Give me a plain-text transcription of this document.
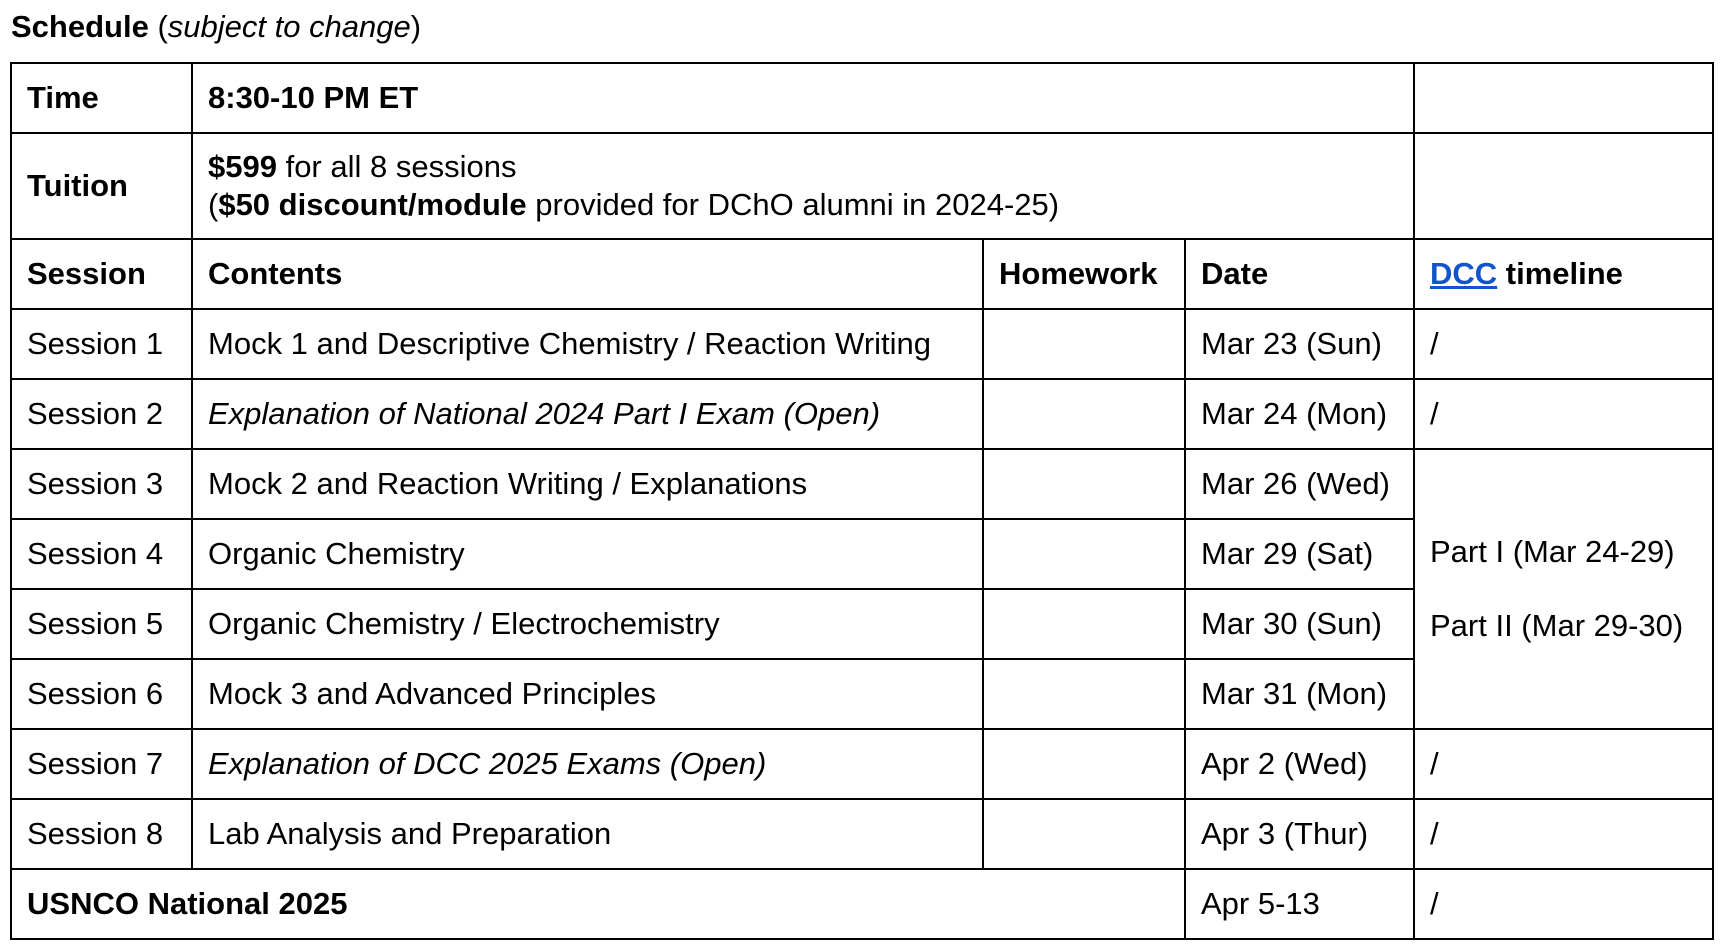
Schedule (subject to change)
Time	8:30-10 PM ET			
Tuition	$599 for all 8 sessions
($50 discount/module provided for DChO alumni in 2024-25)			

Session	Contents	Homework	Date	DCC timeline
Session 1	Mock 1 and Descriptive Chemistry / Reaction Writing		Mar 23 (Sun)	/
Session 2	Explanation of National 2024 Part I Exam (Open)		Mar 24 (Mon)	/
Session 3	Mock 2 and Reaction Writing / Explanations		Mar 26 (Wed)	Part I (Mar 24-29)
Part II (Mar 29-30)

Session 4	Organic Chemistry		Mar 29 (Sat)	
Session 5	Organic Chemistry / Electrochemistry		Mar 30 (Sun)	
Session 6	Mock 3 and Advanced Principles		Mar 31 (Mon)	
Session 7	Explanation of DCC 2025 Exams (Open)		Apr 2 (Wed)	/
Session 8	Lab Analysis and Preparation		Apr 3 (Thur)	/
USNCO National 2025			Apr 5-13	/
